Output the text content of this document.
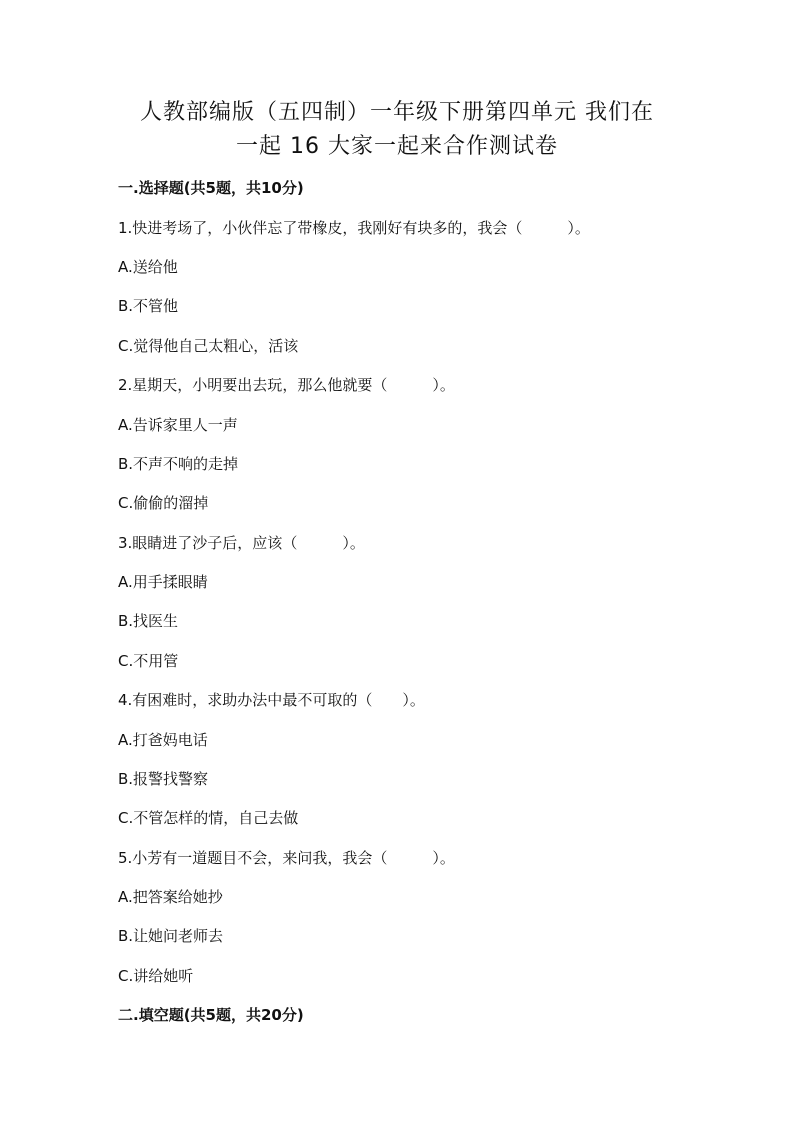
人教部编版（五四制）一年级下册第四单元 我们在
一起 16 大家一起来合作测试卷
一.选择题(共5题，共10分)
1.快进考场了，小伙伴忘了带橡皮，我刚好有块多的，我会（　　　）。
A.送给他
B.不管他
C.觉得他自己太粗心，活该
2.星期天，小明要出去玩，那么他就要（　　　）。
A.告诉家里人一声
B.不声不响的走掉
C.偷偷的溜掉
3.眼睛进了沙子后，应该（　　　）。
A.用手揉眼睛
B.找医生
C.不用管
4.有困难时，求助办法中最不可取的（　　）。
A.打爸妈电话
B.报警找警察
C.不管怎样的情，自己去做
5.小芳有一道题目不会，来问我，我会（　　　）。
A.把答案给她抄
B.让她问老师去
C.讲给她听
二.填空题(共5题，共20分)
